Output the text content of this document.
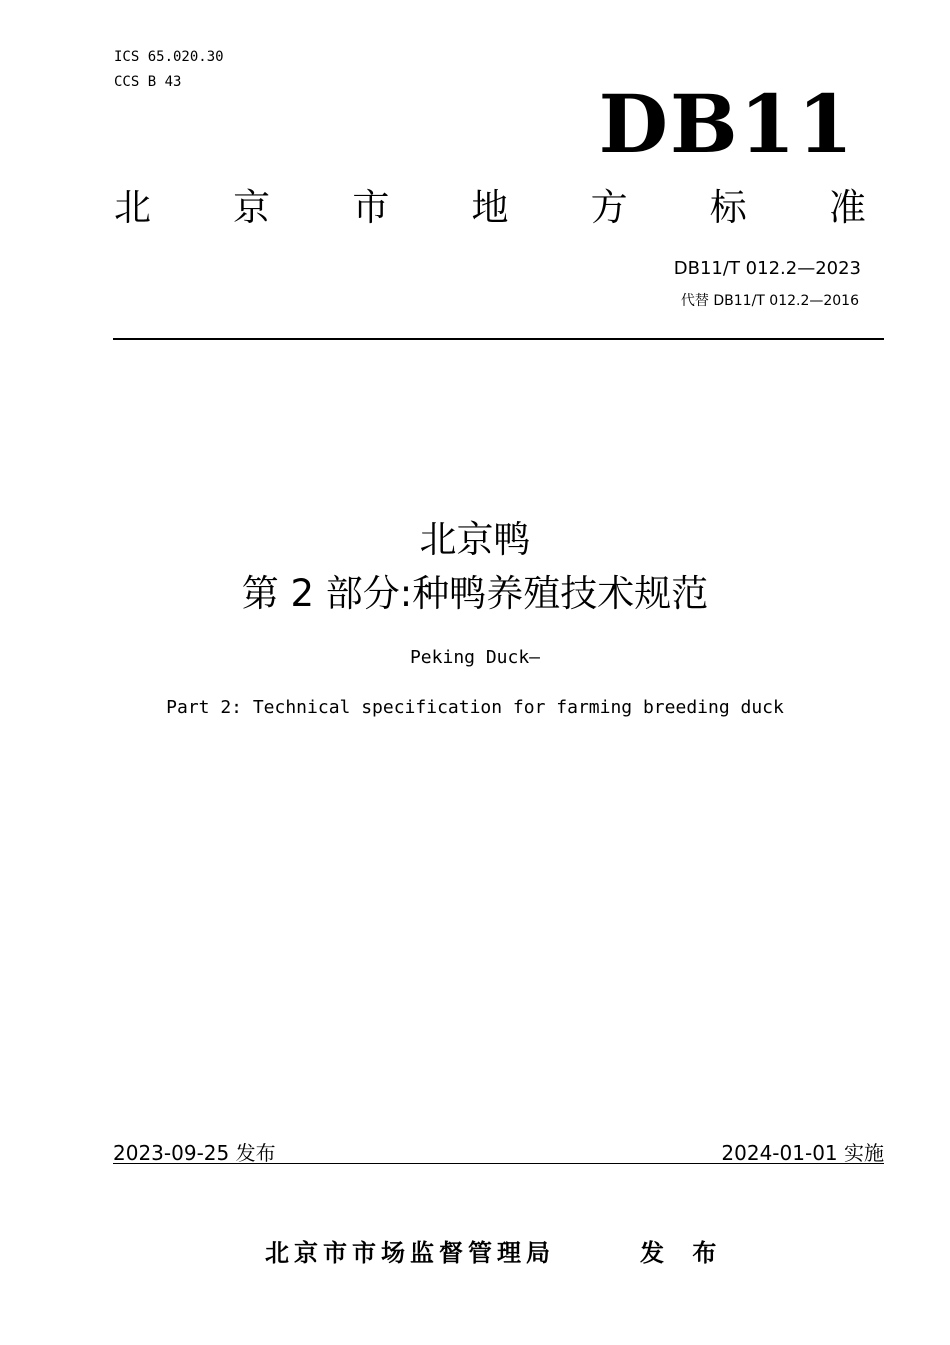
ICS 65.020.30
CCS B 43	DB11
北 京 市 地 方 标 准
DB11/T 012.2—2023
代替 DB11/T 012.2—2016
北京鸭
第 2 部分:种鸭养殖技术规范
Peking Duck—
Part 2: Technical specification for farming breeding duck
2023-09-25 发布	2024-01-01 实施
北京市市场监督管理局	发 布
